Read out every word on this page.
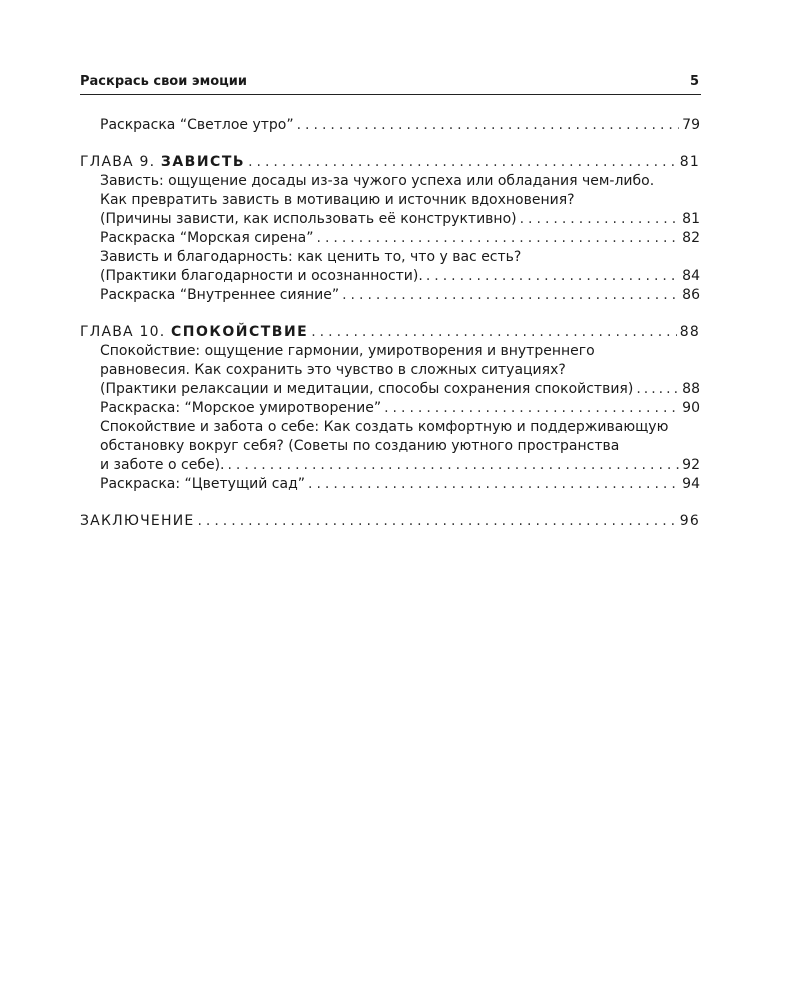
Раскрась свои эмоции	5
Раскраска “Светлое утро” .....	79
ГЛАВА 9. ЗАВИСТЬ .....	81
Зависть: ощущение досады из-за чужого успеха или обладания чем-либо.
Как превратить зависть в мотивацию и источник вдохновения?
(Причины зависти, как использовать её конструктивно) .....	81
Раскраска “Морская сирена” .....	82
Зависть и благодарность: как ценить то, что у вас есть?
(Практики благодарности и осознанности). .....	84
Раскраска “Внутреннее сияние” .....	86
ГЛАВА 10. СПОКОЙСТВИЕ .....	88
Спокойствие: ощущение гармонии, умиротворения и внутреннего
равновесия. Как сохранить это чувство в сложных ситуациях?
(Практики релаксации и медитации, способы сохранения спокойствия) .....	88
Раскраска: “Морское умиротворение” .....	90
Спокойствие и забота о себе: Как создать комфортную и поддерживающую
обстановку вокруг себя? (Советы по созданию уютного пространства
и заботе о себе). .....	92
Раскраска: “Цветущий сад” .....	94
ЗАКЛЮЧЕНИЕ .....	96
